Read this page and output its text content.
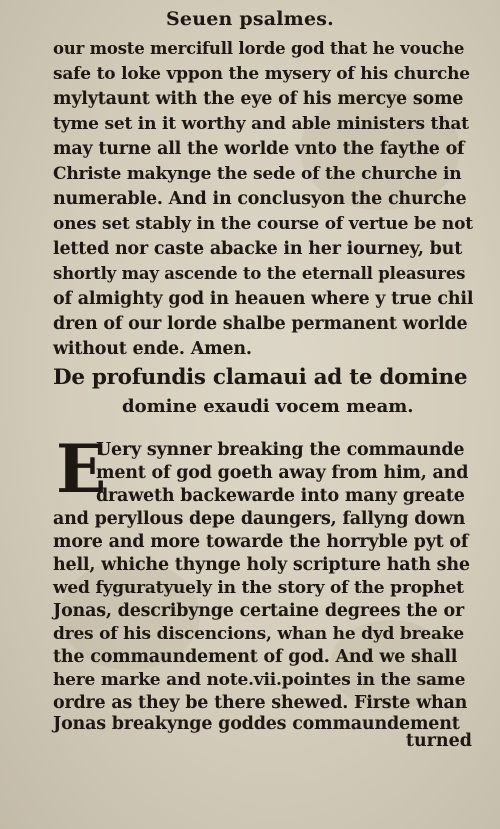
Seuen psalmes.
our moste mercifull lorde god that he vouche
safe to loke vppon the mysery of his churche
mylytaunt with the eye of his mercye some
tyme set in it worthy and able ministers that
may turne all the worlde vnto the faythe of
Christe makynge the sede of the churche in
numerable. And in conclusyon the churche
ones set stably in the course of vertue be not
letted nor caste abacke in her iourney, but
shortly may ascende to the eternall pleasures
of almighty god in heauen where y true chil
dren of our lorde shalbe permanent worlde
without ende. Amen.
De profundis clamaui ad te domine
domine exaudi vocem meam.
E
Uery synner breaking the commaunde
ment of god goeth away from him, and
draweth backewarde into many greate
and peryllous depe daungers, fallyng down
more and more towarde the horryble pyt of
hell, whiche thynge holy scripture hath she
wed fyguratyuely in the story of the prophet
Jonas, describynge certaine degrees the or
dres of his discencions, whan he dyd breake
the commaundement of god. And we shall
here marke and note.vii.pointes in the same
ordre as they be there shewed. Firste whan
Jonas breakynge goddes commaundement
turned
